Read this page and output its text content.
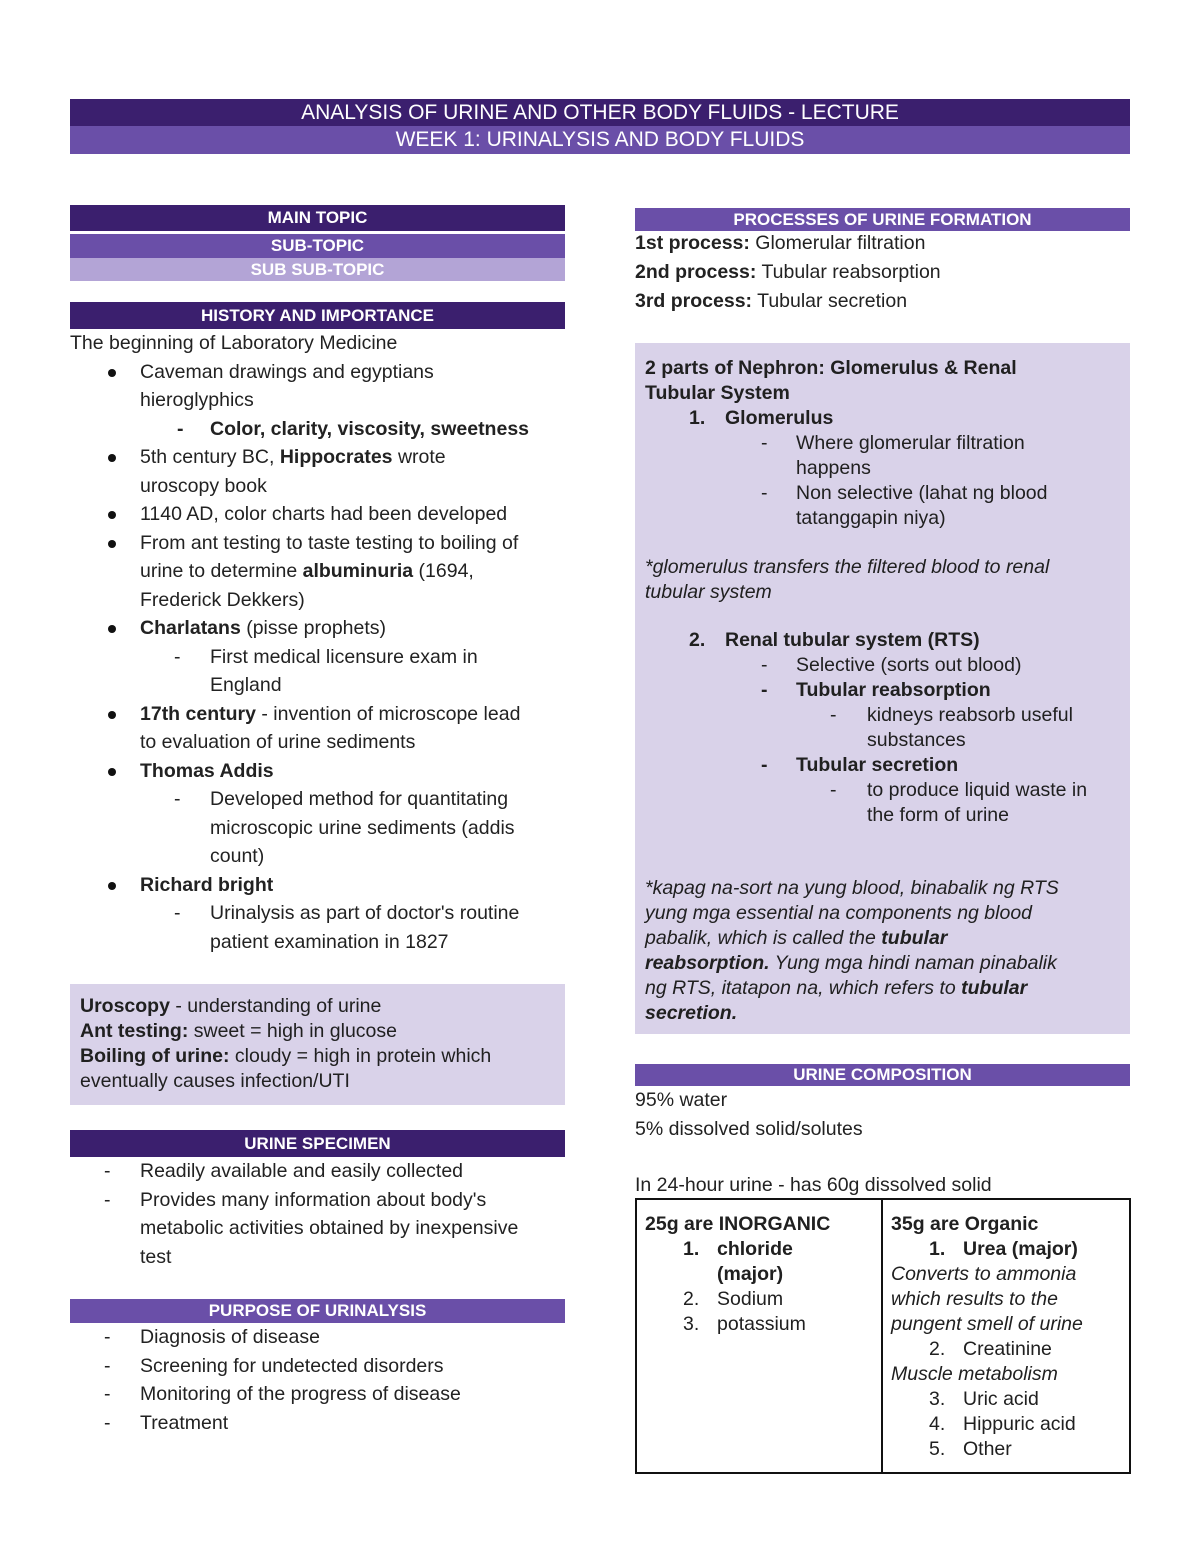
ANALYSIS OF URINE AND OTHER BODY FLUIDS - LECTURE
WEEK 1: URINALYSIS AND BODY FLUIDS
MAIN TOPIC
SUB-TOPIC
SUB SUB-TOPIC
HISTORY AND IMPORTANCE
The beginning of Laboratory Medicine
Caveman drawings and egyptians
hieroglyphics
- Color, clarity, viscosity, sweetness
5th century BC, Hippocrates wrote
uroscopy book
1140 AD, color charts had been developed
From ant testing to taste testing to boiling of
urine to determine albuminuria (1694,
Frederick Dekkers)
Charlatans (pisse prophets)
- First medical licensure exam in
England
17th century - invention of microscope lead
to evaluation of urine sediments
Thomas Addis
- Developed method for quantitating
microscopic urine sediments (addis
count)
Richard bright
- Urinalysis as part of doctor's routine
patient examination in 1827
Uroscopy - understanding of urine
Ant testing: sweet = high in glucose
Boiling of urine: cloudy = high in protein which
eventually causes infection/UTI
URINE SPECIMEN
- Readily available and easily collected
- Provides many information about body's
metabolic activities obtained by inexpensive
test
PURPOSE OF URINALYSIS
- Diagnosis of disease
- Screening for undetected disorders
- Monitoring of the progress of disease
- Treatment
PROCESSES OF URINE FORMATION
1st process: Glomerular filtration
2nd process: Tubular reabsorption
3rd process: Tubular secretion
2 parts of Nephron: Glomerulus & Renal
Tubular System
1. Glomerulus
- Where glomerular filtration
happens
- Non selective (lahat ng blood
tatanggapin niya)
*glomerulus transfers the filtered blood to renal
tubular system
2. Renal tubular system (RTS)
- Selective (sorts out blood)
- Tubular reabsorption
- kidneys reabsorb useful
substances
- Tubular secretion
- to produce liquid waste in
the form of urine
*kapag na-sort na yung blood, binabalik ng RTS
yung mga essential na components ng blood
pabalik, which is called the tubular
reabsorption. Yung mga hindi naman pinabalik
ng RTS, itatapon na, which refers to tubular
secretion.
URINE COMPOSITION
95% water
5% dissolved solid/solutes
In 24-hour urine - has 60g dissolved solid
25g are INORGANIC
1. chloride
(major)
2. Sodium
3. potassium

35g are Organic
1. Urea (major)
Converts to ammonia
which results to the
pungent smell of urine
2. Creatinine
Muscle metabolism
3. Uric acid
4. Hippuric acid
5. Other
